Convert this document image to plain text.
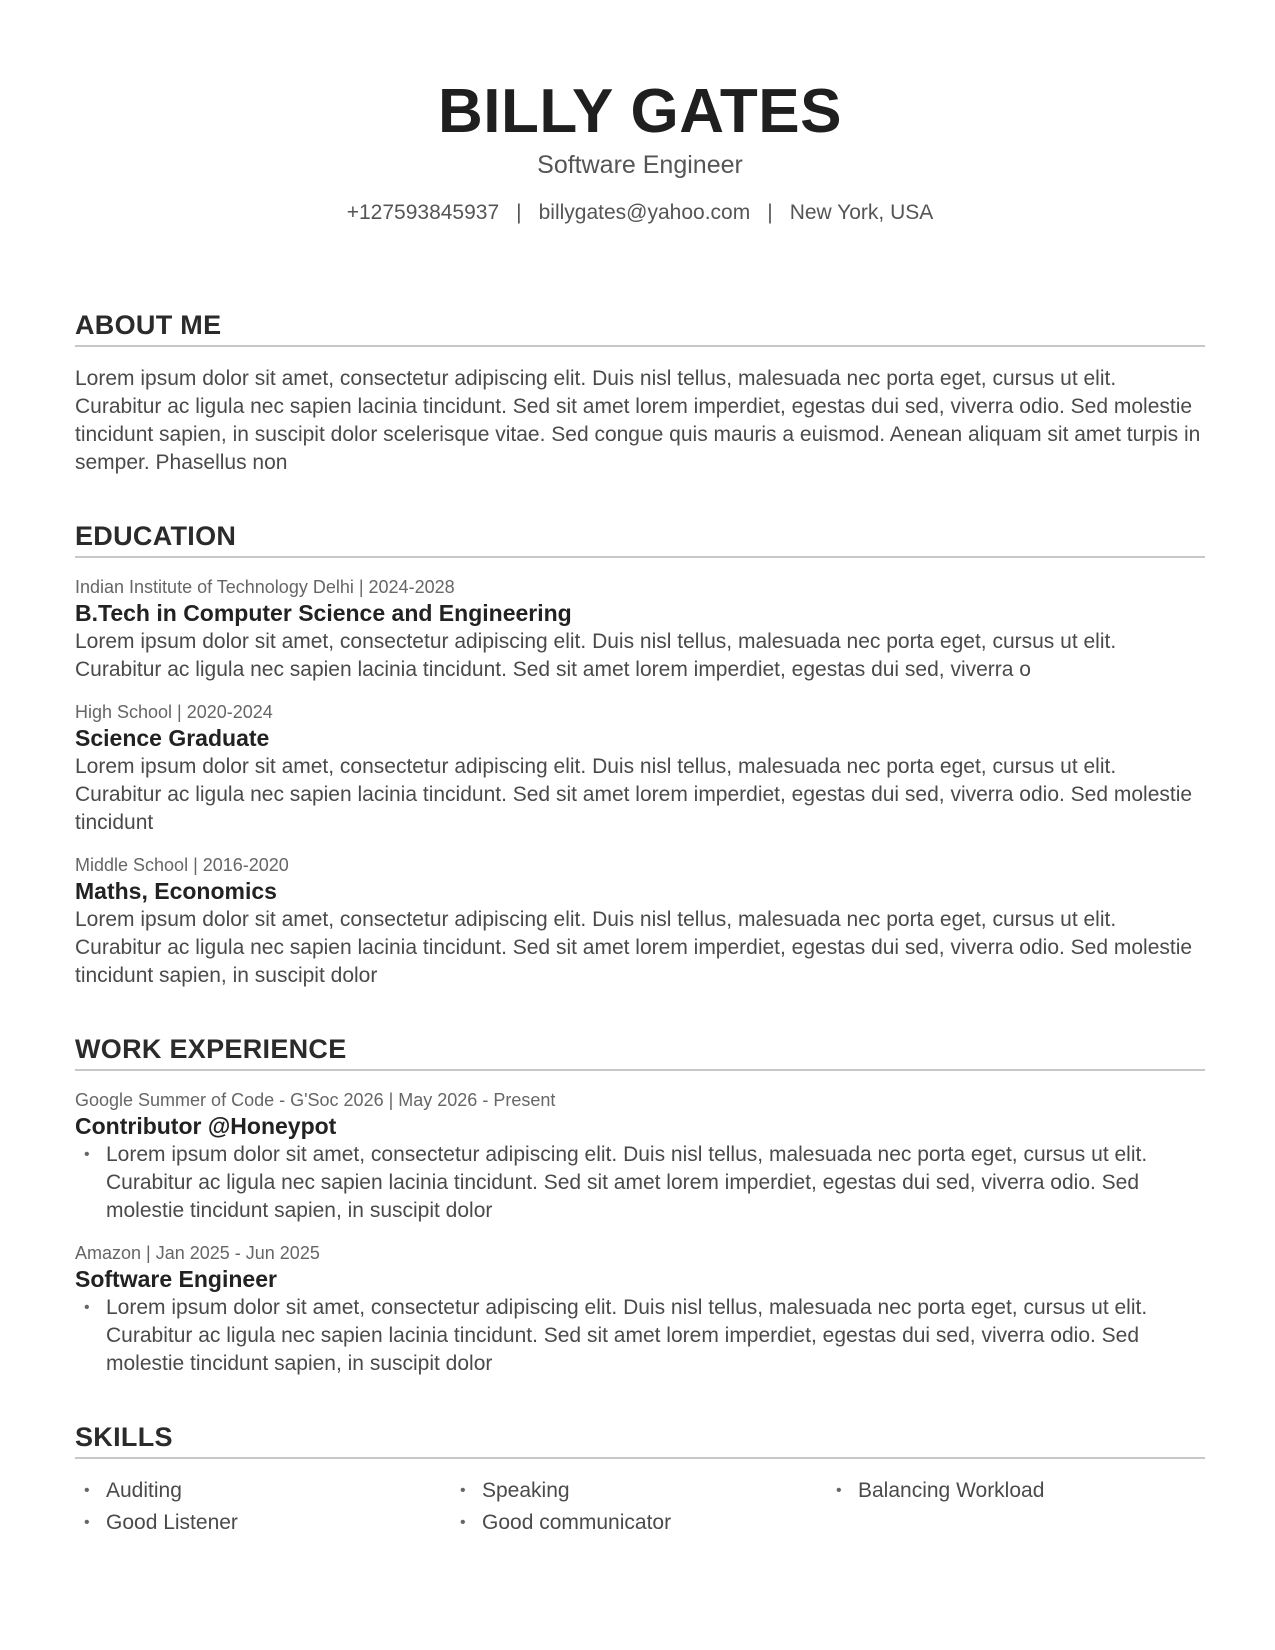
BILLY GATES
Software Engineer
+127593845937 | billygates@yahoo.com | New York, USA
ABOUT ME

Lorem ipsum dolor sit amet, consectetur adipiscing elit. Duis nisl tellus, malesuada nec porta eget, cursus ut elit. Curabitur ac ligula nec sapien lacinia tincidunt. Sed sit amet lorem imperdiet, egestas dui sed, viverra odio. Sed molestie tincidunt sapien, in suscipit dolor scelerisque vitae. Sed congue quis mauris a euismod. Aenean aliquam sit amet turpis in semper. Phasellus non

EDUCATION

Indian Institute of Technology Delhi | 2024-2028

B.Tech in Computer Science and Engineering

Lorem ipsum dolor sit amet, consectetur adipiscing elit. Duis nisl tellus, malesuada nec porta eget, cursus ut elit. Curabitur ac ligula nec sapien lacinia tincidunt. Sed sit amet lorem imperdiet, egestas dui sed, viverra o

High School | 2020-2024

Science Graduate

Lorem ipsum dolor sit amet, consectetur adipiscing elit. Duis nisl tellus, malesuada nec porta eget, cursus ut elit. Curabitur ac ligula nec sapien lacinia tincidunt. Sed sit amet lorem imperdiet, egestas dui sed, viverra odio. Sed molestie tincidunt

Middle School | 2016-2020

Maths, Economics

Lorem ipsum dolor sit amet, consectetur adipiscing elit. Duis nisl tellus, malesuada nec porta eget, cursus ut elit. Curabitur ac ligula nec sapien lacinia tincidunt. Sed sit amet lorem imperdiet, egestas dui sed, viverra odio. Sed molestie tincidunt sapien, in suscipit dolor

WORK EXPERIENCE

Google Summer of Code - G'Soc 2026 | May 2026 - Present

Contributor @Honeypot

• Lorem ipsum dolor sit amet, consectetur adipiscing elit. Duis nisl tellus, malesuada nec porta eget, cursus ut elit. Curabitur ac ligula nec sapien lacinia tincidunt. Sed sit amet lorem imperdiet, egestas dui sed, viverra odio. Sed molestie tincidunt sapien, in suscipit dolor

Amazon | Jan 2025 - Jun 2025

Software Engineer

• Lorem ipsum dolor sit amet, consectetur adipiscing elit. Duis nisl tellus, malesuada nec porta eget, cursus ut elit. Curabitur ac ligula nec sapien lacinia tincidunt. Sed sit amet lorem imperdiet, egestas dui sed, viverra odio. Sed molestie tincidunt sapien, in suscipit dolor
SKILLS
• Auditing	• Speaking	• Balancing Workload
• Good Listener	• Good communicator
